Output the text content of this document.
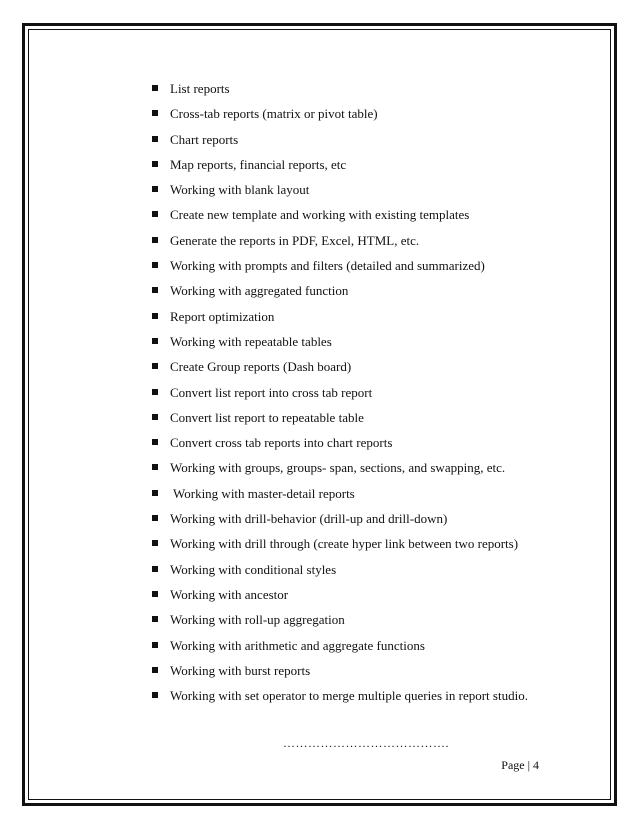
List reports
Cross-tab reports (matrix or pivot table)
Chart reports
Map reports, financial reports, etc
Working with blank layout
Create new template and working with existing templates
Generate the reports in PDF, Excel, HTML, etc.
Working with prompts and filters (detailed and summarized)
Working with aggregated function
Report optimization
Working with repeatable tables
Create Group reports (Dash board)
Convert list report into cross tab report
Convert list report to repeatable table
Convert cross tab reports into chart reports
Working with groups, groups- span, sections, and swapping, etc.
Working with master-detail reports
Working with drill-behavior (drill-up and drill-down)
Working with drill through (create hyper link between two reports)
Working with conditional styles
Working with ancestor
Working with roll-up aggregation
Working with arithmetic and aggregate functions
Working with burst reports
Working with set operator to merge multiple queries in report studio.
………………………………….
Page | 4
